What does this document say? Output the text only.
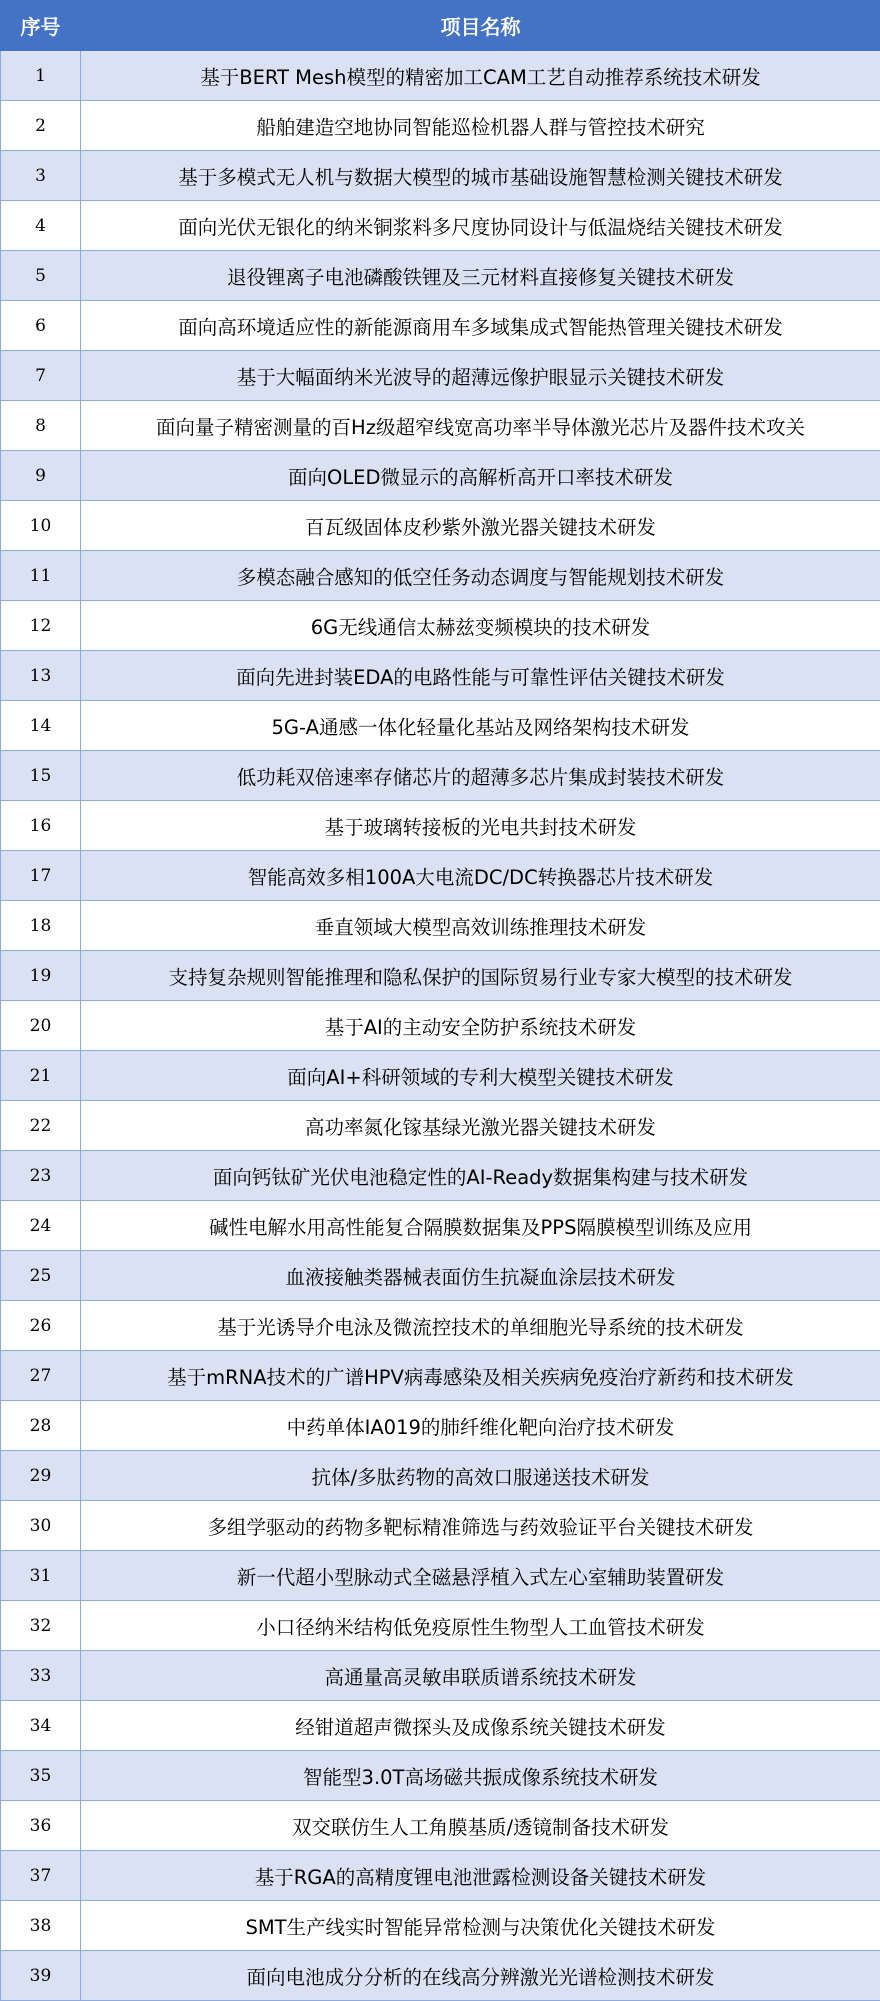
序号	项目名称
1	基于BERT Mesh模型的精密加工CAM工艺自动推荐系统技术研发
2	船舶建造空地协同智能巡检机器人群与管控技术研究
3	基于多模式无人机与数据大模型的城市基础设施智慧检测关键技术研发
4	面向光伏无银化的纳米铜浆料多尺度协同设计与低温烧结关键技术研发
5	退役锂离子电池磷酸铁锂及三元材料直接修复关键技术研发
6	面向高环境适应性的新能源商用车多域集成式智能热管理关键技术研发
7	基于大幅面纳米光波导的超薄远像护眼显示关键技术研发
8	面向量子精密测量的百Hz级超窄线宽高功率半导体激光芯片及器件技术攻关
9	面向OLED微显示的高解析高开口率技术研发
10	百瓦级固体皮秒紫外激光器关键技术研发
11	多模态融合感知的低空任务动态调度与智能规划技术研发
12	6G无线通信太赫兹变频模块的技术研发
13	面向先进封装EDA的电路性能与可靠性评估关键技术研发
14	5G-A通感一体化轻量化基站及网络架构技术研发
15	低功耗双倍速率存储芯片的超薄多芯片集成封装技术研发
16	基于玻璃转接板的光电共封技术研发
17	智能高效多相100A大电流DC/DC转换器芯片技术研发
18	垂直领域大模型高效训练推理技术研发
19	支持复杂规则智能推理和隐私保护的国际贸易行业专家大模型的技术研发
20	基于AI的主动安全防护系统技术研发
21	面向AI+科研领域的专利大模型关键技术研发
22	高功率氮化镓基绿光激光器关键技术研发
23	面向钙钛矿光伏电池稳定性的AI-Ready数据集构建与技术研发
24	碱性电解水用高性能复合隔膜数据集及PPS隔膜模型训练及应用
25	血液接触类器械表面仿生抗凝血涂层技术研发
26	基于光诱导介电泳及微流控技术的单细胞光导系统的技术研发
27	基于mRNA技术的广谱HPV病毒感染及相关疾病免疫治疗新药和技术研发
28	中药单体IA019的肺纤维化靶向治疗技术研发
29	抗体/多肽药物的高效口服递送技术研发
30	多组学驱动的药物多靶标精准筛选与药效验证平台关键技术研发
31	新一代超小型脉动式全磁悬浮植入式左心室辅助装置研发
32	小口径纳米结构低免疫原性生物型人工血管技术研发
33	高通量高灵敏串联质谱系统技术研发
34	经钳道超声微探头及成像系统关键技术研发
35	智能型3.0T高场磁共振成像系统技术研发
36	双交联仿生人工角膜基质/透镜制备技术研发
37	基于RGA的高精度锂电池泄露检测设备关键技术研发
38	SMT生产线实时智能异常检测与决策优化关键技术研发
39	面向电池成分分析的在线高分辨激光光谱检测技术研发
